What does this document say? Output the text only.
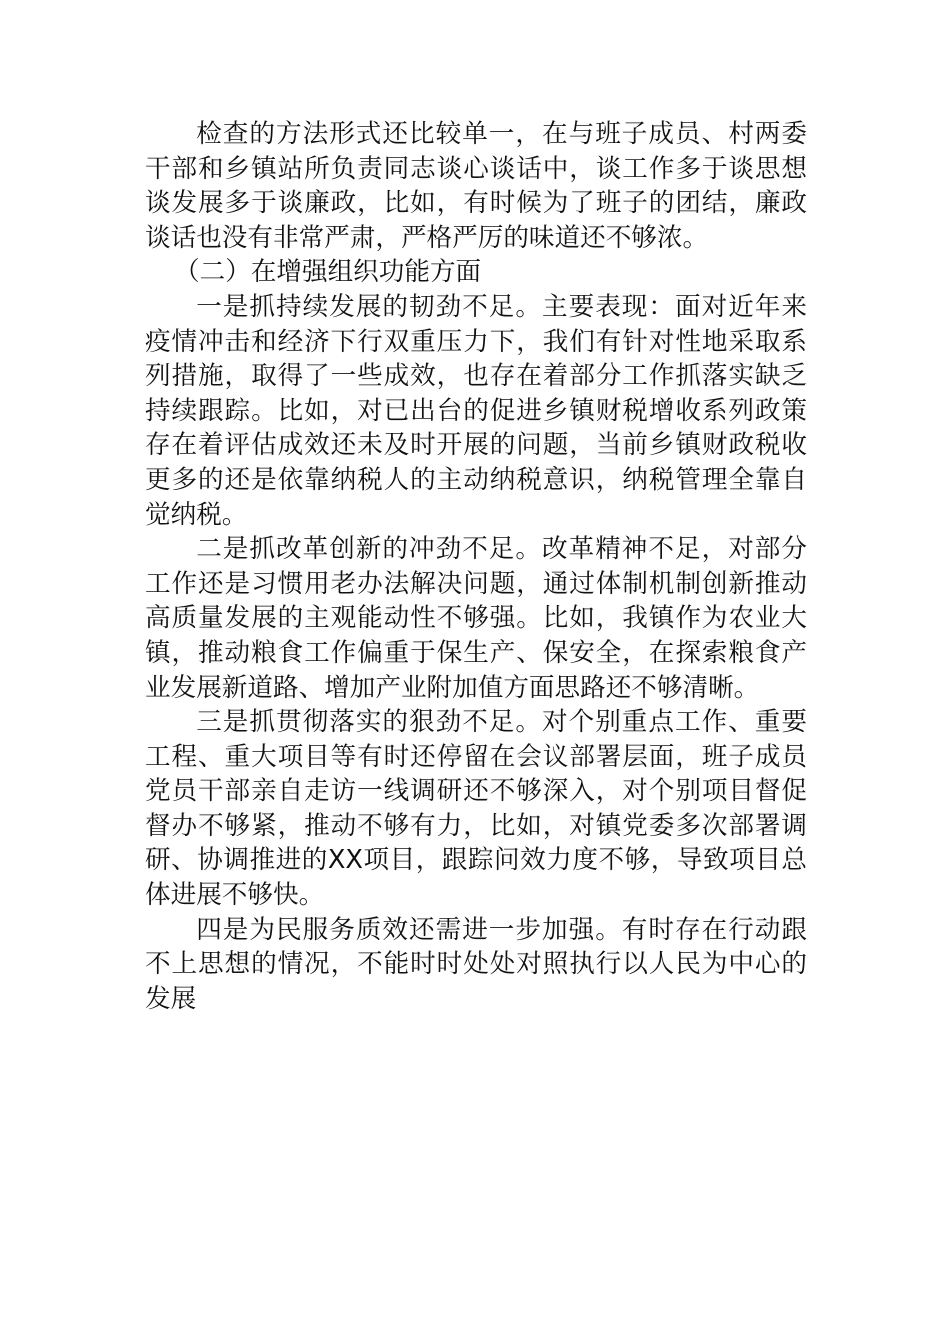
检查的方法形式还比较单一，在与班子成员、村两委干部和乡镇站所负责同志谈心谈话中，谈工作多于谈思想谈发展多于谈廉政，比如，有时候为了班子的团结，廉政谈话也没有非常严肃，严格严厉的味道还不够浓。

（二）在增强组织功能方面

一是抓持续发展的韧劲不足。主要表现：面对近年来疫情冲击和经济下行双重压力下，我们有针对性地采取系列措施，取得了一些成效，也存在着部分工作抓落实缺乏持续跟踪。比如，对已出台的促进乡镇财税增收系列政策存在着评估成效还未及时开展的问题，当前乡镇财政税收更多的还是依靠纳税人的主动纳税意识，纳税管理全靠自觉纳税。

二是抓改革创新的冲劲不足。改革精神不足，对部分工作还是习惯用老办法解决问题，通过体制机制创新推动高质量发展的主观能动性不够强。比如，我镇作为农业大镇，推动粮食工作偏重于保生产、保安全，在探索粮食产业发展新道路、增加产业附加值方面思路还不够清晰。

三是抓贯彻落实的狠劲不足。对个别重点工作、重要工程、重大项目等有时还停留在会议部署层面，班子成员党员干部亲自走访一线调研还不够深入，对个别项目督促督办不够紧，推动不够有力，比如，对镇党委多次部署调研、协调推进的XX项目，跟踪问效力度不够，导致项目总体进展不够快。

四是为民服务质效还需进一步加强。有时存在行动跟不上思想的情况，不能时时处处对照执行以人民为中心的发展
